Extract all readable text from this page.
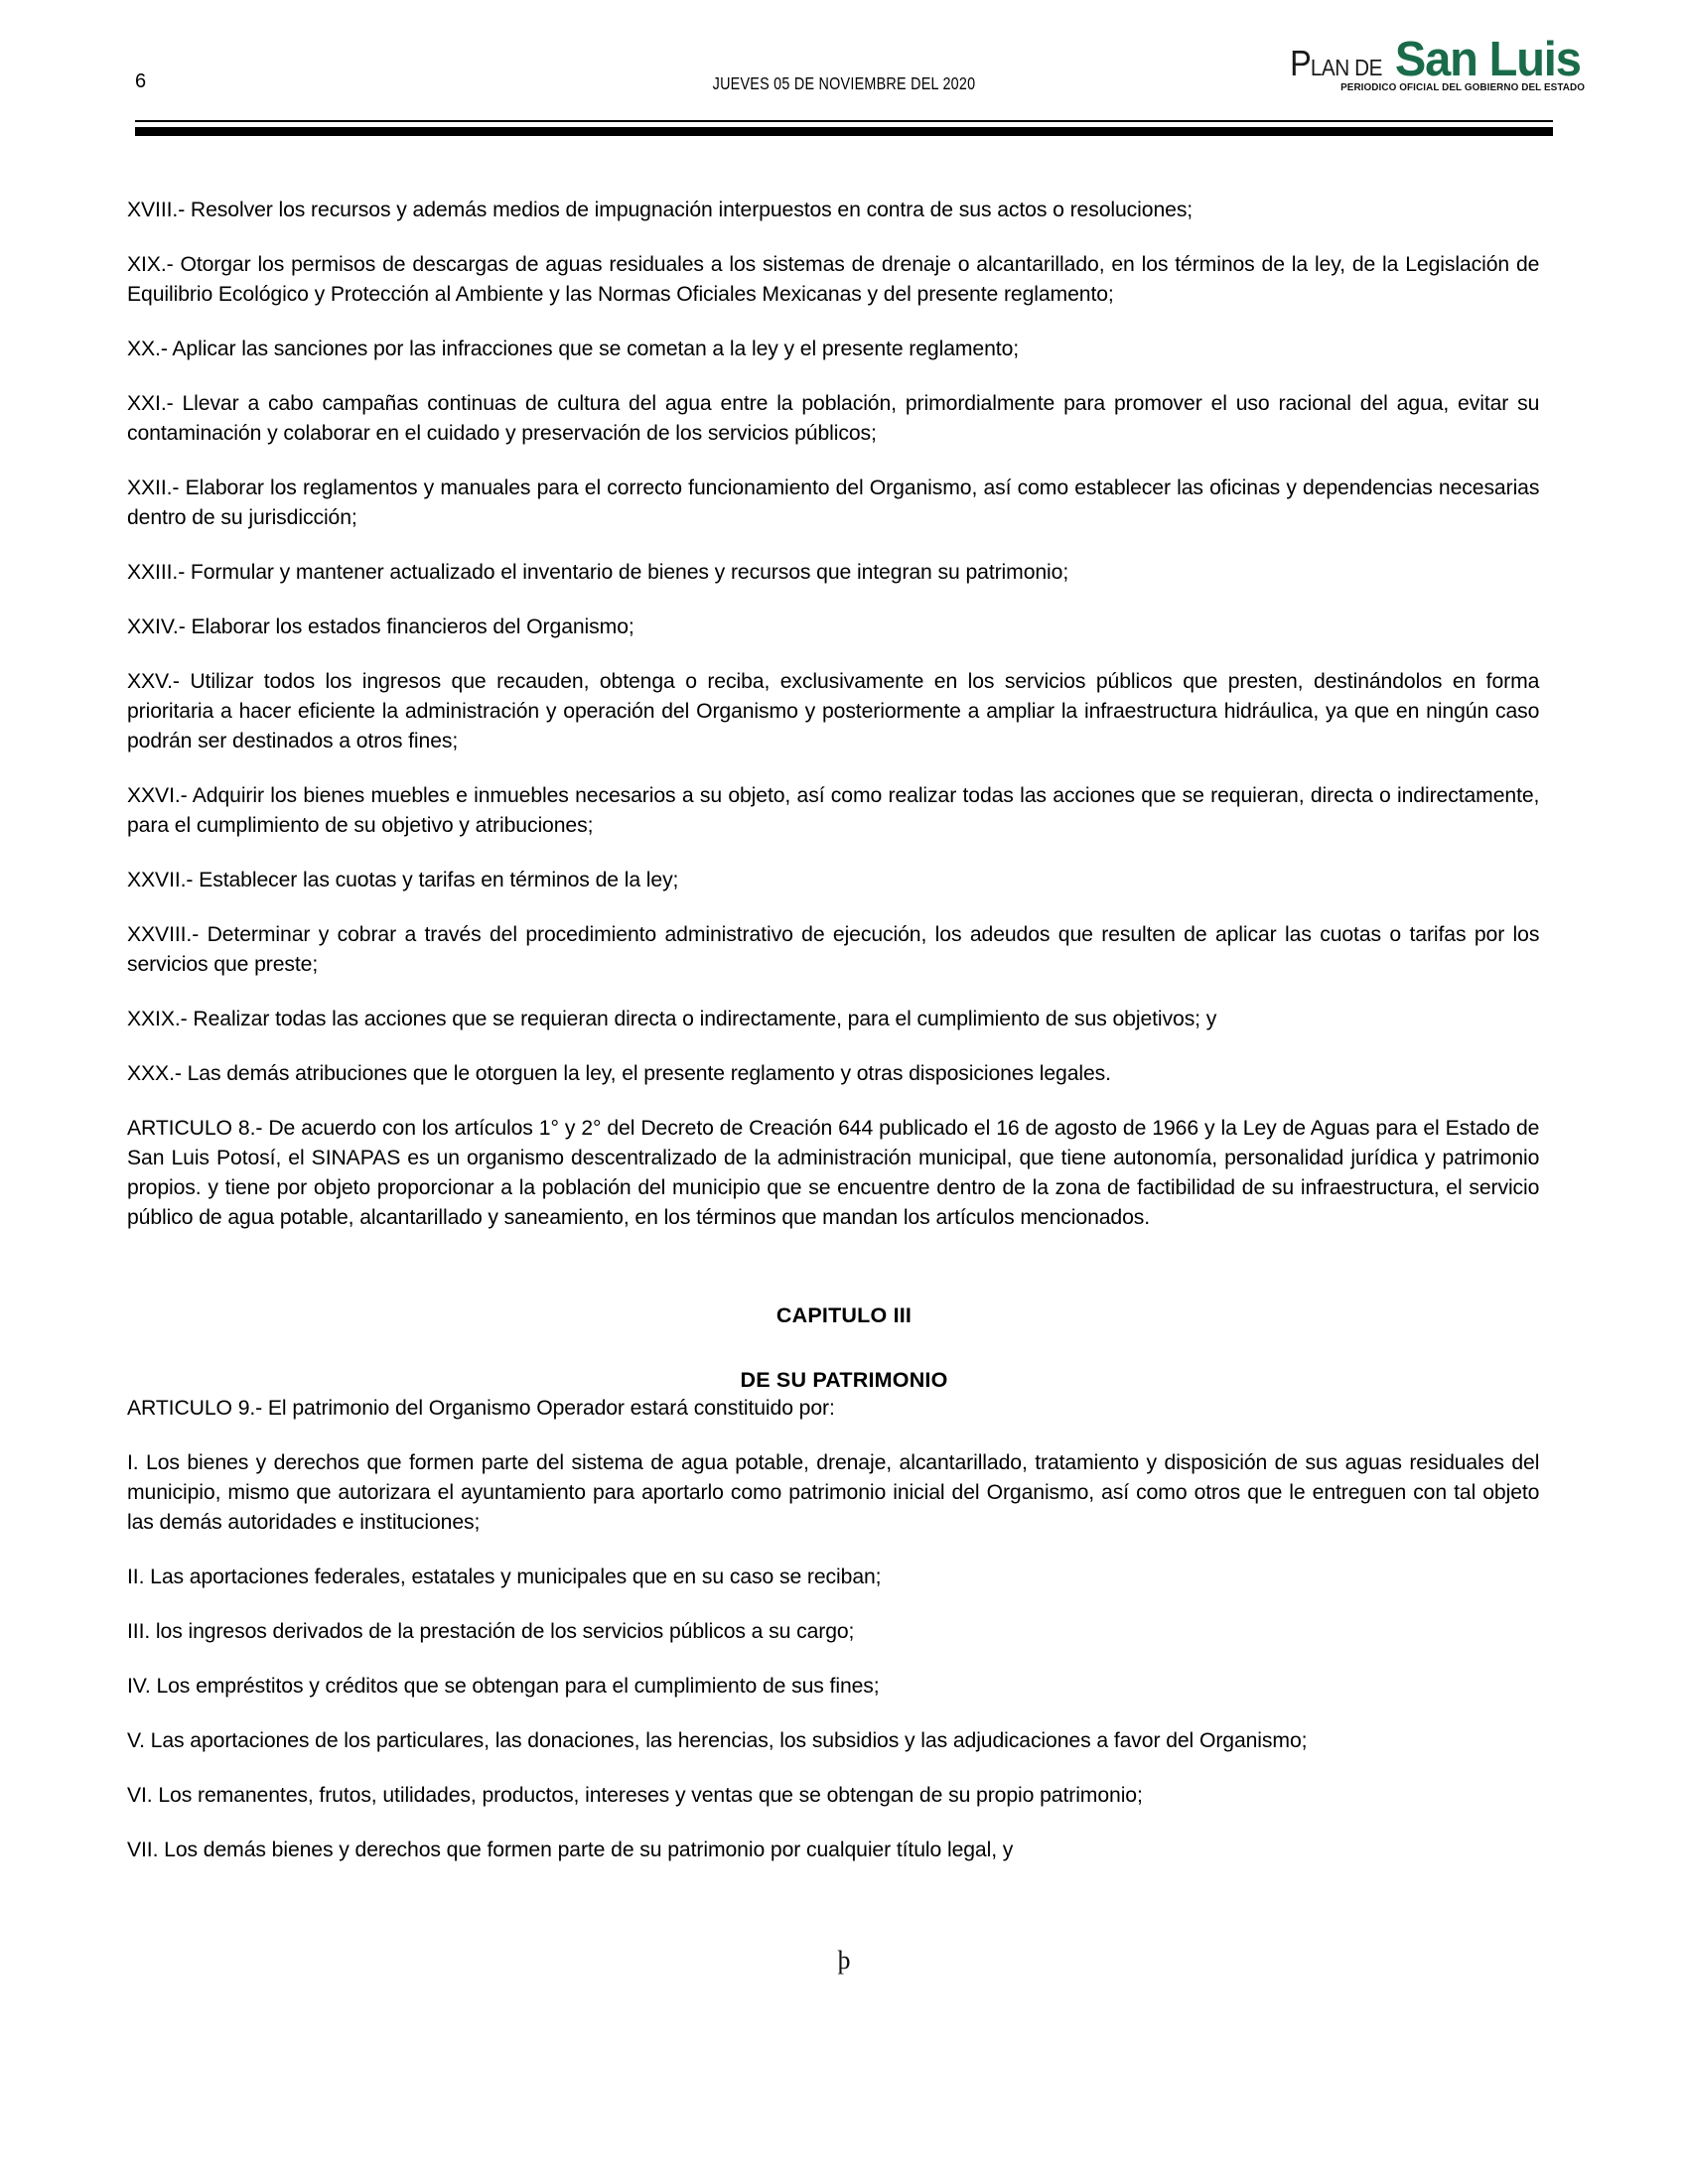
6	JUEVES 05 DE NOVIEMBRE DEL 2020	PLAN DE San Luis
PERIODICO OFICIAL DEL GOBIERNO DEL ESTADO

XVIII.- Resolver los recursos y además medios de impugnación interpuestos en contra de sus actos o resoluciones;

XIX.- Otorgar los permisos de descargas de aguas residuales a los sistemas de drenaje o alcantarillado, en los términos de la ley, de la Legislación de Equilibrio Ecológico y Protección al Ambiente y las Normas Oficiales Mexicanas y del presente reglamento;

XX.- Aplicar las sanciones por las infracciones que se cometan a la ley y el presente reglamento;

XXI.- Llevar a cabo campañas continuas de cultura del agua entre la población, primordialmente para promover el uso racional del agua, evitar su contaminación y colaborar en el cuidado y preservación de los servicios públicos;

XXII.- Elaborar los reglamentos y manuales para el correcto funcionamiento del Organismo, así como establecer las oficinas y dependencias necesarias dentro de su jurisdicción;

XXIII.- Formular y mantener actualizado el inventario de bienes y recursos que integran su patrimonio;

XXIV.- Elaborar los estados financieros del Organismo;

XXV.- Utilizar todos los ingresos que recauden, obtenga o reciba, exclusivamente en los servicios públicos que presten, destinándolos en forma prioritaria a hacer eficiente la administración y operación del Organismo y posteriormente a ampliar la infraestructura hidráulica, ya que en ningún caso podrán ser destinados a otros fines;

XXVI.- Adquirir los bienes muebles e inmuebles necesarios a su objeto, así como realizar todas las acciones que se requieran, directa o indirectamente, para el cumplimiento de su objetivo y atribuciones;

XXVII.- Establecer las cuotas y tarifas en términos de la ley;

XXVIII.- Determinar y cobrar a través del procedimiento administrativo de ejecución, los adeudos que resulten de aplicar las cuotas o tarifas por los servicios que preste;

XXIX.- Realizar todas las acciones que se requieran directa o indirectamente, para el cumplimiento de sus objetivos; y

XXX.- Las demás atribuciones que le otorguen la ley, el presente reglamento y otras disposiciones legales.

ARTICULO 8.- De acuerdo con los artículos 1° y 2° del Decreto de Creación 644 publicado el 16 de agosto de 1966 y la Ley de Aguas para el Estado de San Luis Potosí, el SINAPAS es un organismo descentralizado de la administración municipal, que tiene autonomía, personalidad jurídica y patrimonio propios. y tiene por objeto proporcionar a la población del municipio que se encuentre dentro de la zona de factibilidad de su infraestructura, el servicio público de agua potable, alcantarillado y saneamiento, en los términos que mandan los artículos mencionados.

CAPITULO III
DE SU PATRIMONIO

ARTICULO 9.- El patrimonio del Organismo Operador estará constituido por:

I. Los bienes y derechos que formen parte del sistema de agua potable, drenaje, alcantarillado, tratamiento y disposición de sus aguas residuales del municipio, mismo que autorizara el ayuntamiento para aportarlo como patrimonio inicial del Organismo, así como otros que le entreguen con tal objeto las demás autoridades e instituciones;

II. Las aportaciones federales, estatales y municipales que en su caso se reciban;

III. los ingresos derivados de la prestación de los servicios públicos a su cargo;

IV. Los empréstitos y créditos que se obtengan para el cumplimiento de sus fines;

V. Las aportaciones de los particulares, las donaciones, las herencias, los subsidios y las adjudicaciones a favor del Organismo;

VI. Los remanentes, frutos, utilidades, productos, intereses y ventas que se obtengan de su propio patrimonio;

VII. Los demás bienes y derechos que formen parte de su patrimonio por cualquier título legal, y

þ
